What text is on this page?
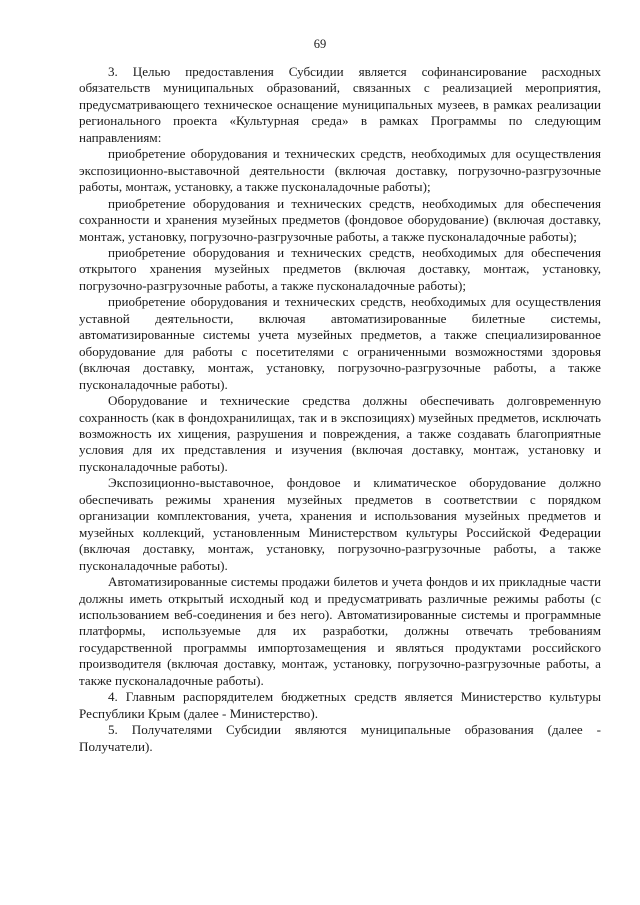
69

3. Целью предоставления Субсидии является софинансирование расходных обязательств муниципальных образований, связанных с реализацией мероприятия, предусматривающего техническое оснащение муниципальных музеев, в рамках реализации регионального проекта «Культурная среда» в рамках Программы по следующим направлениям:

приобретение оборудования и технических средств, необходимых для осуществления экспозиционно-выставочной деятельности (включая доставку, погрузочно-разгрузочные работы, монтаж, установку, а также пусконаладочные работы);

приобретение оборудования и технических средств, необходимых для обеспечения сохранности и хранения музейных предметов (фондовое оборудование) (включая доставку, монтаж, установку, погрузочно-разгрузочные работы, а также пусконаладочные работы);

приобретение оборудования и технических средств, необходимых для обеспечения открытого хранения музейных предметов (включая доставку, монтаж, установку, погрузочно-разгрузочные работы, а также пусконаладочные работы);

приобретение оборудования и технических средств, необходимых для осуществления уставной деятельности, включая автоматизированные билетные системы, автоматизированные системы учета музейных предметов, а также специализированное оборудование для работы с посетителями с ограниченными возможностями здоровья (включая доставку, монтаж, установку, погрузочно-разгрузочные работы, а также пусконаладочные работы).

Оборудование и технические средства должны обеспечивать долговременную сохранность (как в фондохранилищах, так и в экспозициях) музейных предметов, исключать возможность их хищения, разрушения и повреждения, а также создавать благоприятные условия для их представления и изучения (включая доставку, монтаж, установку и пусконаладочные работы).

Экспозиционно-выставочное, фондовое и климатическое оборудование должно обеспечивать режимы хранения музейных предметов в соответствии с порядком организации комплектования, учета, хранения и использования музейных предметов и музейных коллекций, установленным Министерством культуры Российской Федерации (включая доставку, монтаж, установку, погрузочно-разгрузочные работы, а также пусконаладочные работы).

Автоматизированные системы продажи билетов и учета фондов и их прикладные части должны иметь открытый исходный код и предусматривать различные режимы работы (с использованием веб-соединения и без него). Автоматизированные системы и программные платформы, используемые для их разработки, должны отвечать требованиям государственной программы импортозамещения и являться продуктами российского производителя (включая доставку, монтаж, установку, погрузочно-разгрузочные работы, а также пусконаладочные работы).

4. Главным распорядителем бюджетных средств является Министерство культуры Республики Крым (далее - Министерство).

5. Получателями Субсидии являются муниципальные образования (далее - Получатели).
